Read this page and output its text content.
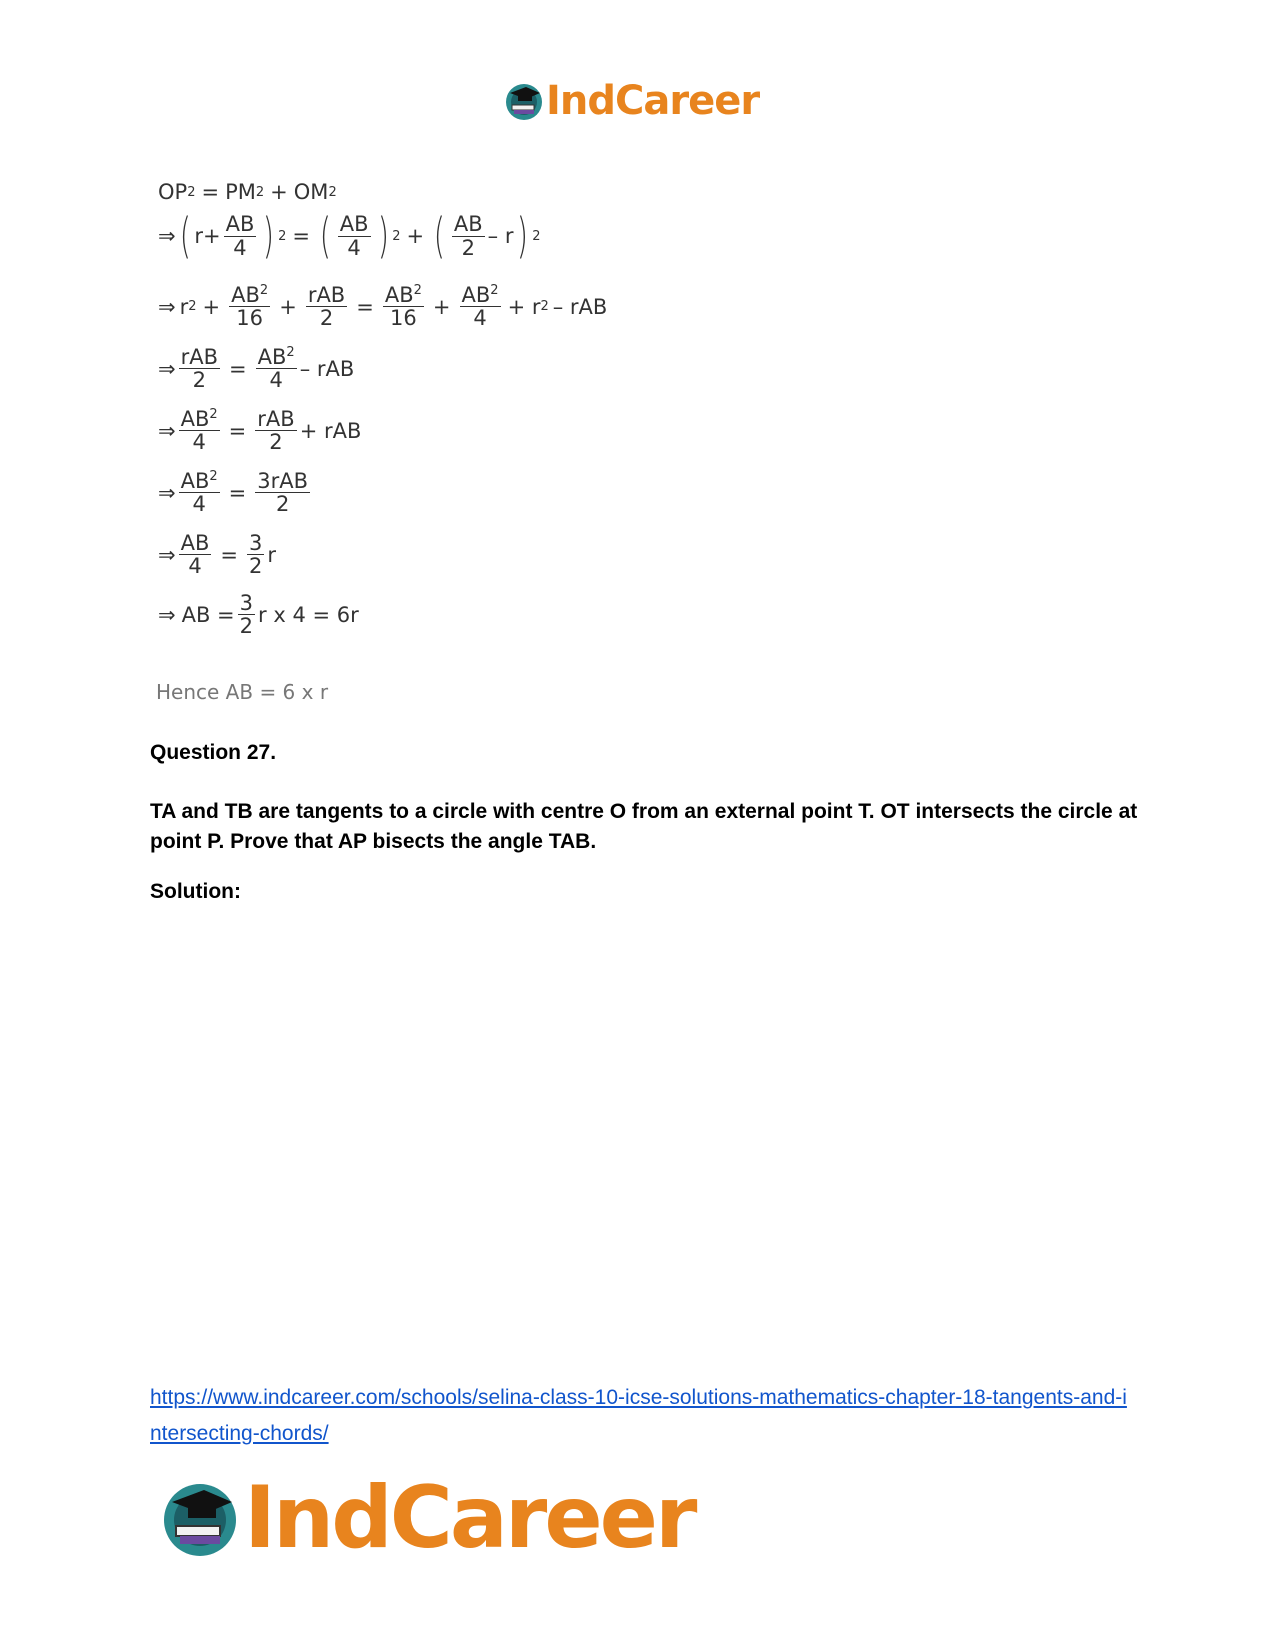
IndCareer
OP 2 = PM 2 + OM 2
⇒ ( $r+ \frac{AB}{4}$ ) 2 = ( $\frac{AB}{4}$ ) 2 + ( $\frac{AB}{2}$ – r ) 2
⇒ r $2 + \frac{AB^2}{16} + \frac{\text{rAB}}{2} = \frac{AB^2}{16} + \frac{AB^2}{4} + r$ 2 – rAB
⇒ $\frac{\text{rAB}}{2} = \frac{AB^2}{4}$ – rAB
⇒ $\frac{AB^2}{4} = \frac{\text{rAB}}{2}$ + rAB
⇒ $\frac{AB^2}{4} = \frac{\text{3rAB}}{2}$
⇒ $\frac{AB}{4} = \frac{3}{2}$ r
⇒ AB = $\frac{3}{2}$ r x 4 = 6r
Hence AB = 6 x r
Question 27.
TA and TB are tangents to a circle with centre O from an external point T. OT intersects the circle at point P. Prove that AP bisects the angle TAB.
Solution:
https://www.indcareer.com/schools/selina-class-10-icse-solutions-mathematics-chapter-18-tangents-and-intersecting-chords/
IndCareer
